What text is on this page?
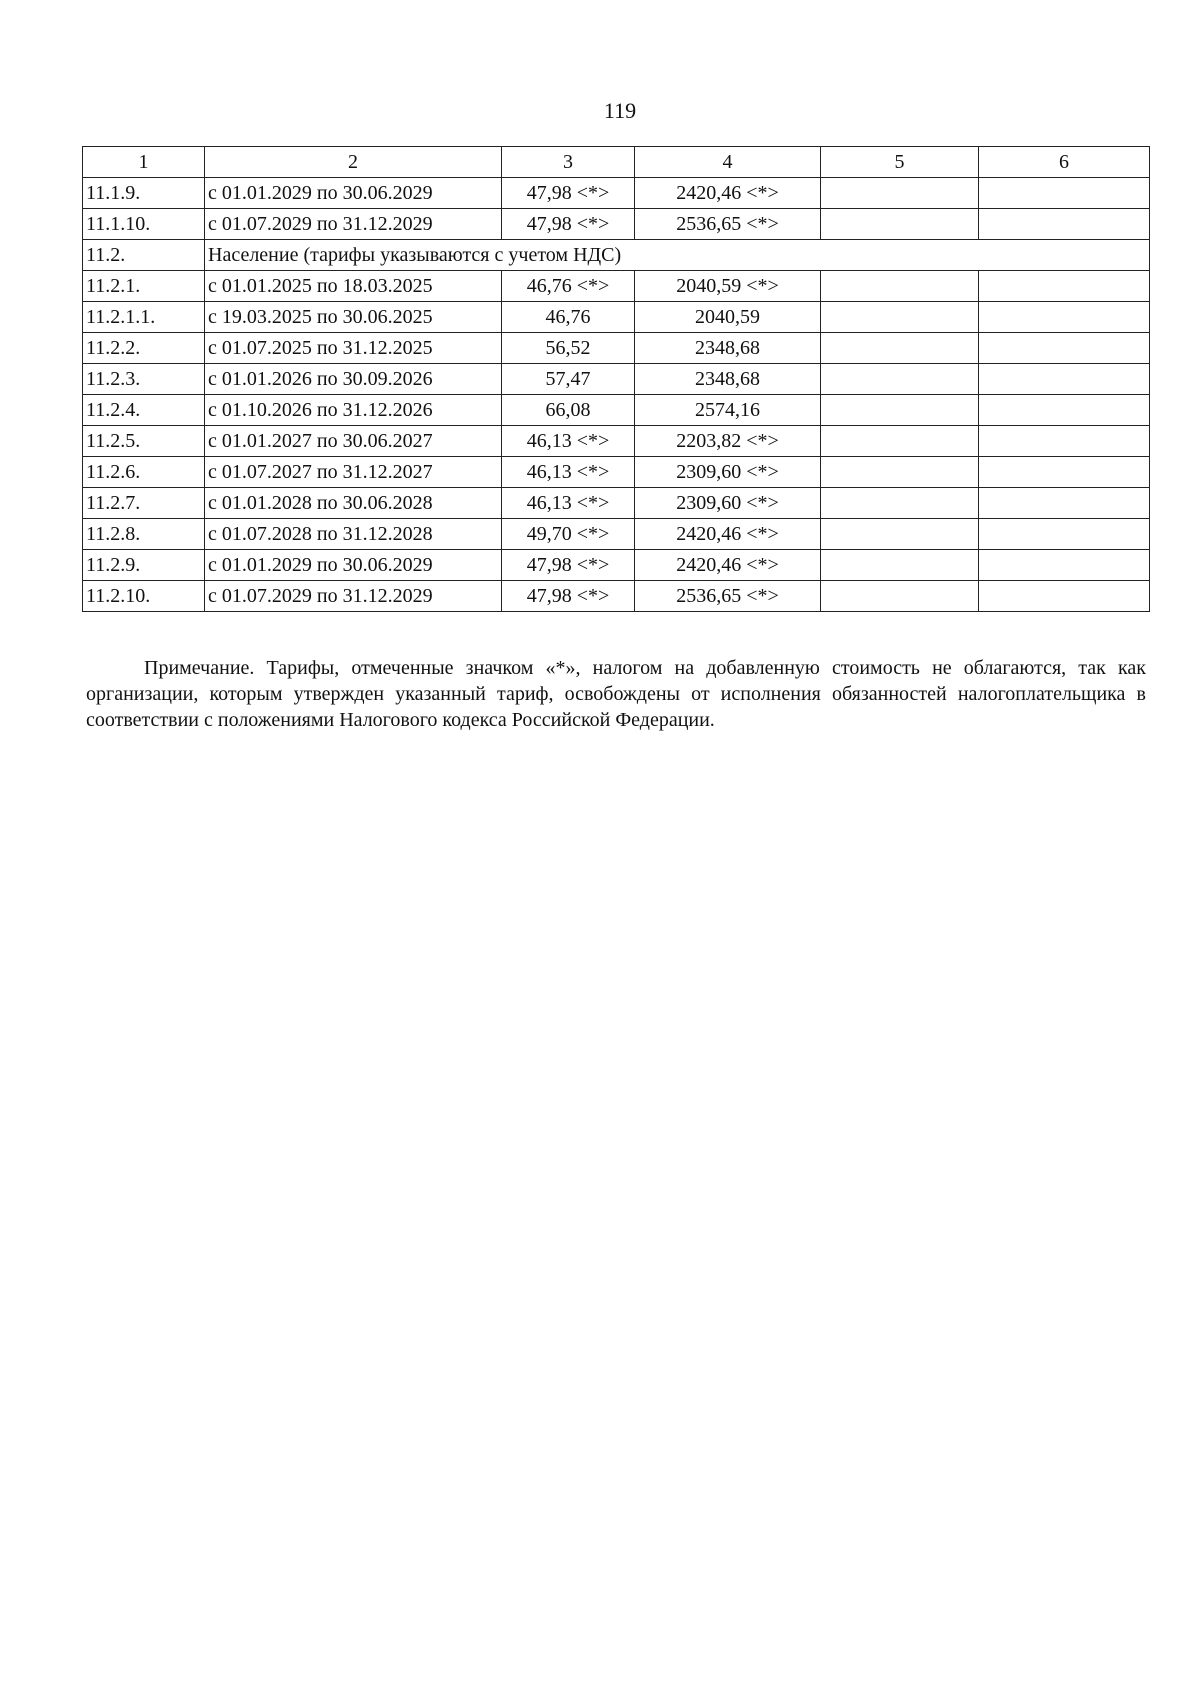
119
1	2	3	4	5	6
11.1.9.	с 01.01.2029 по 30.06.2029	47,98 <*>	2420,46 <*>		
11.1.10.	с 01.07.2029 по 31.12.2029	47,98 <*>	2536,65 <*>		
11.2.	Население (тарифы указываются с учетом НДС)				
11.2.1.	с 01.01.2025 по 18.03.2025	46,76 <*>	2040,59 <*>		
11.2.1.1.	с 19.03.2025 по 30.06.2025	46,76	2040,59		
11.2.2.	с 01.07.2025 по 31.12.2025	56,52	2348,68		
11.2.3.	с 01.01.2026 по 30.09.2026	57,47	2348,68		
11.2.4.	с 01.10.2026 по 31.12.2026	66,08	2574,16		
11.2.5.	с 01.01.2027 по 30.06.2027	46,13 <*>	2203,82 <*>		
11.2.6.	с 01.07.2027 по 31.12.2027	46,13 <*>	2309,60 <*>		
11.2.7.	с 01.01.2028 по 30.06.2028	46,13 <*>	2309,60 <*>		
11.2.8.	с 01.07.2028 по 31.12.2028	49,70 <*>	2420,46 <*>		
11.2.9.	с 01.01.2029 по 30.06.2029	47,98 <*>	2420,46 <*>		
11.2.10.	с 01.07.2029 по 31.12.2029	47,98 <*>	2536,65 <*>		

Примечание. Тарифы, отмеченные значком «*», налогом на добавленную стоимость не облагаются, так как организации, которым утвержден указанный тариф, освобождены от исполнения обязанностей налогоплательщика в соответствии с положениями Налогового кодекса Российской Федерации.
